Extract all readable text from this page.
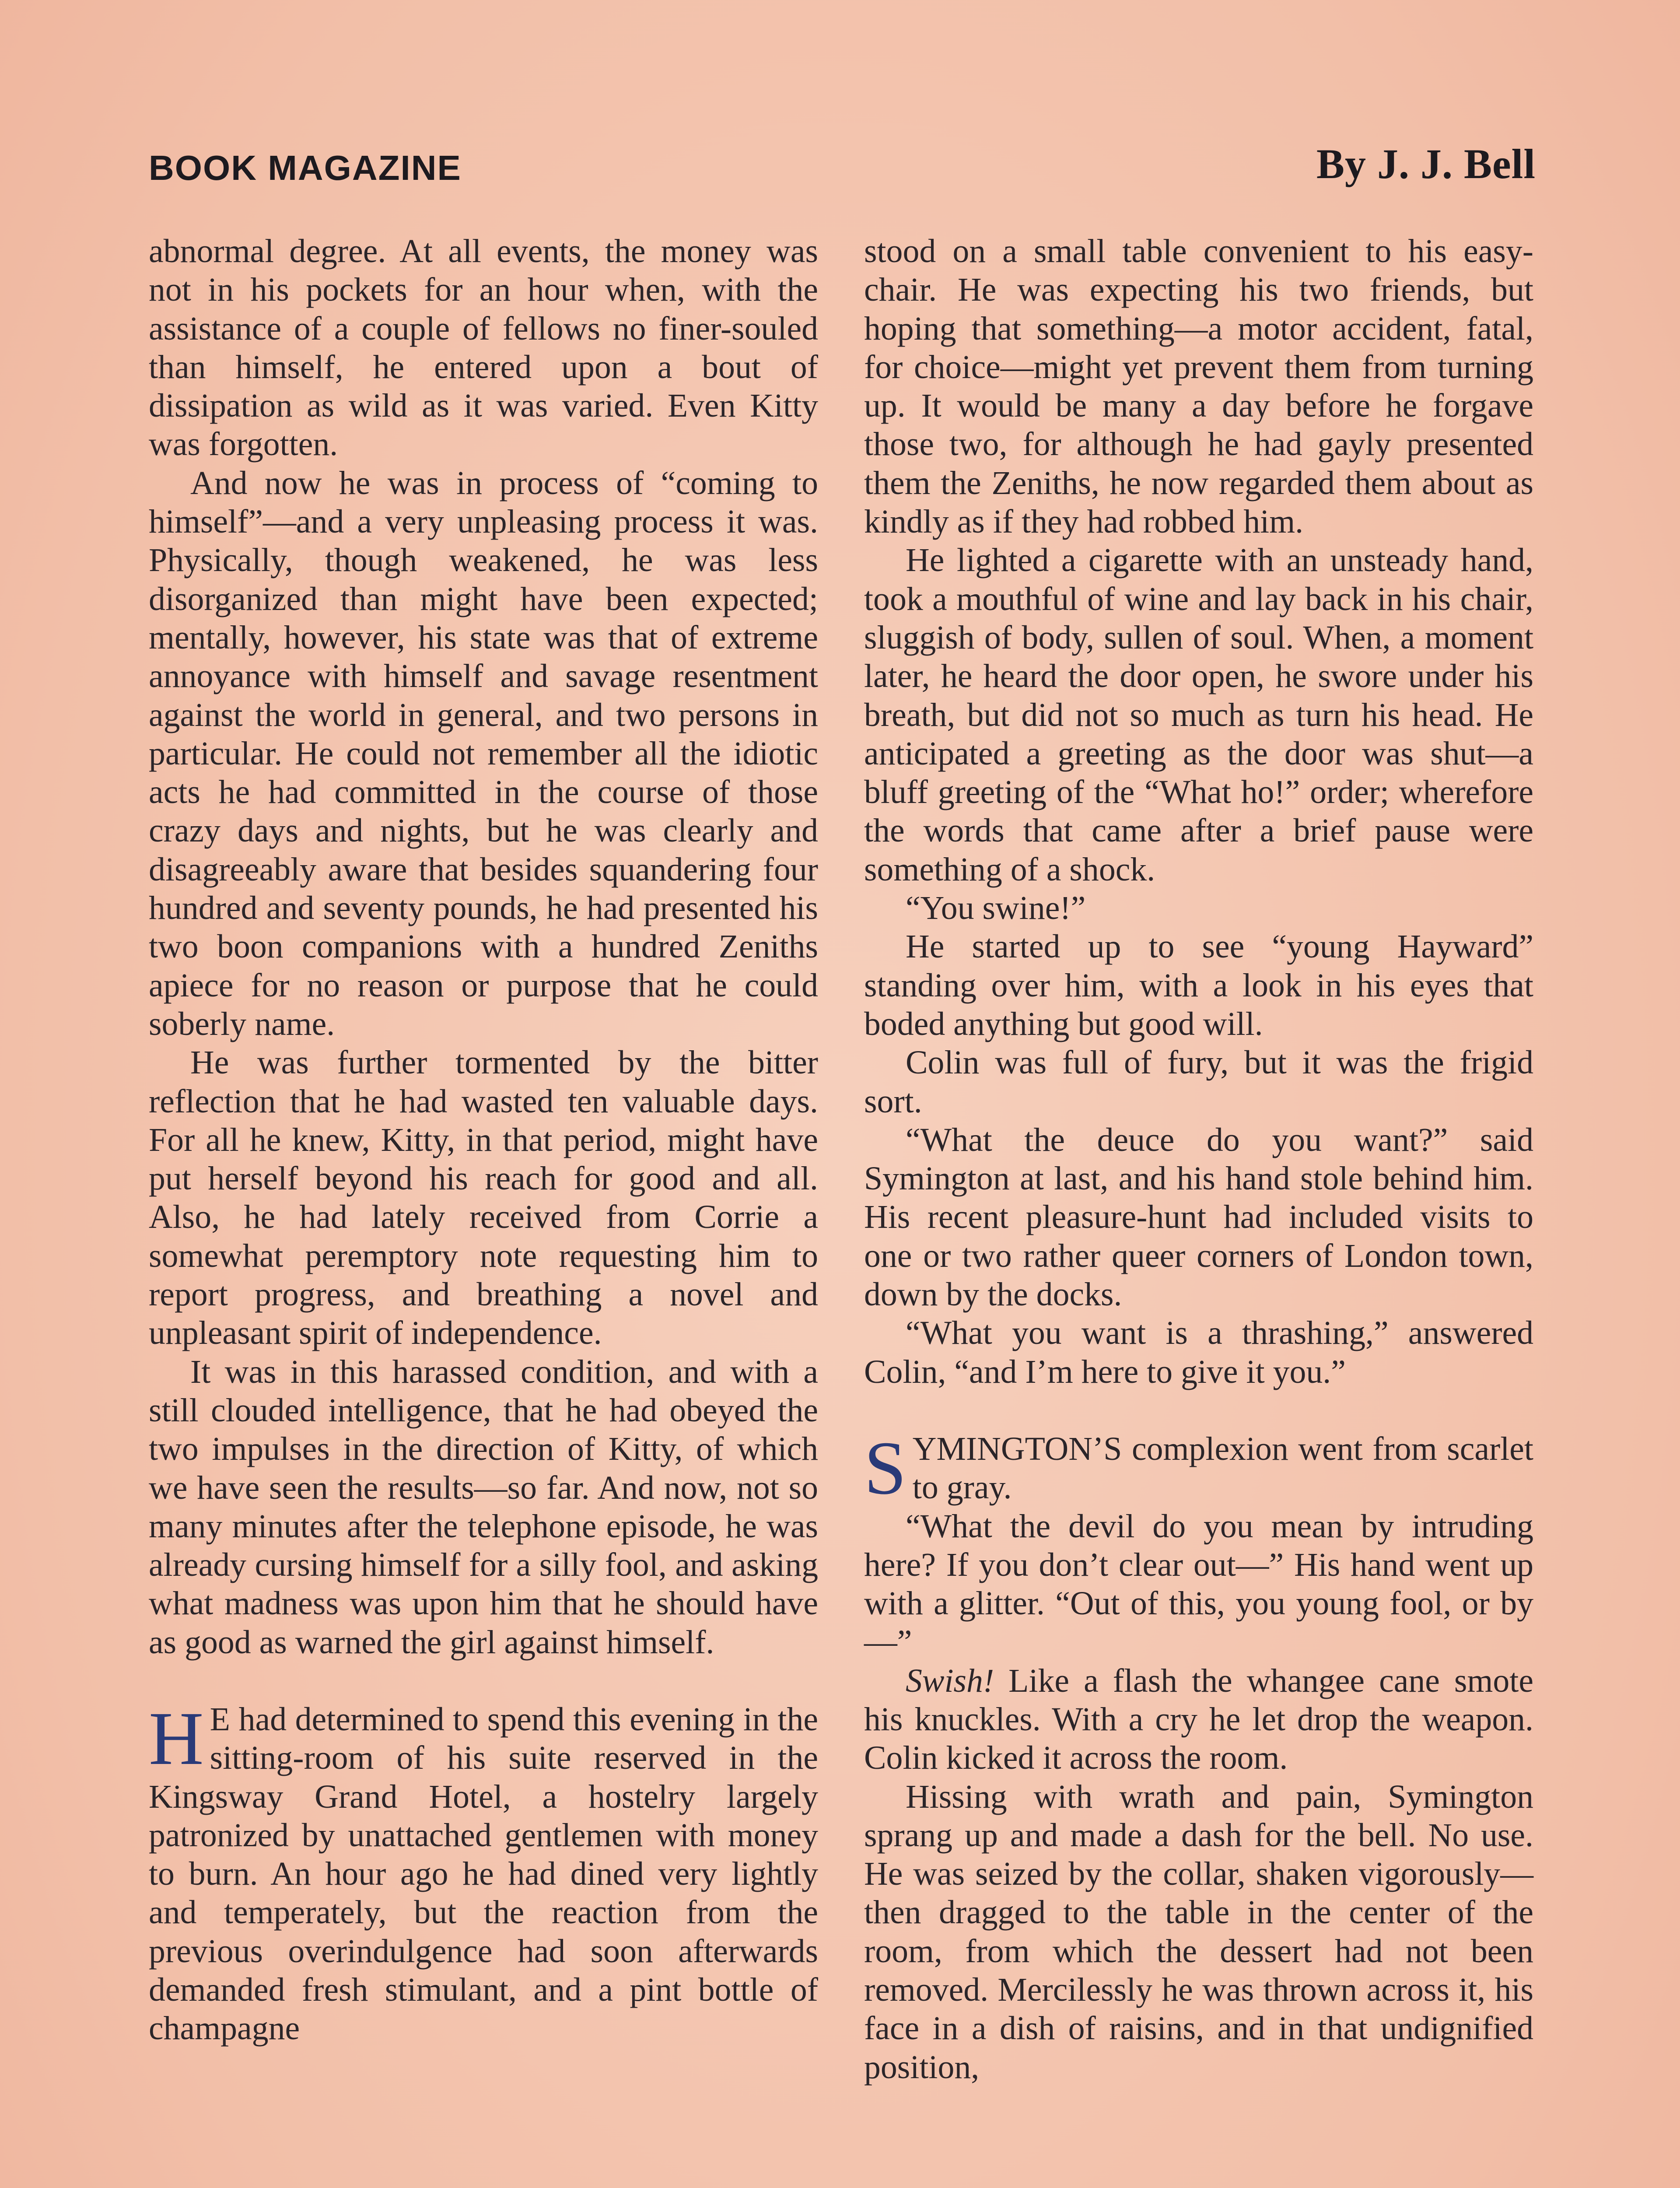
BOOK MAGAZINE	By J. J. Bell

abnormal degree. At all events, the money was not in his pockets for an hour when, with the assistance of a couple of fellows no finer-souled than himself, he entered upon a bout of dissipation as wild as it was varied. Even Kitty was forgotten.

And now he was in process of “coming to himself”—and a very unpleasing process it was. Physically, though weakened, he was less disorganized than might have been expected; mentally, however, his state was that of extreme annoyance with himself and savage resentment against the world in general, and two persons in particular. He could not remember all the idiotic acts he had committed in the course of those crazy days and nights, but he was clearly and disagreeably aware that besides squandering four hundred and seventy pounds, he had presented his two boon companions with a hundred Zeniths apiece for no reason or purpose that he could soberly name.

He was further tormented by the bitter reflection that he had wasted ten valuable days. For all he knew, Kitty, in that period, might have put herself beyond his reach for good and all. Also, he had lately received from Corrie a somewhat peremptory note requesting him to report progress, and breathing a novel and unpleasant spirit of independence.

It was in this harassed condition, and with a still clouded intelligence, that he had obeyed the two impulses in the direction of Kitty, of which we have seen the results—so far. And now, not so many minutes after the telephone episode, he was already cursing himself for a silly fool, and asking what madness was upon him that he should have as good as warned the girl against himself.

H E had determined to spend this evening in the sitting-room of his suite reserved in the Kingsway Grand Hotel, a hostelry largely patronized by unattached gentlemen with money to burn. An hour ago he had dined very lightly and temperately, but the reaction from the previous overindulgence had soon afterwards demanded fresh stimulant, and a pint bottle of champagne

stood on a small table convenient to his easy-chair. He was expecting his two friends, but hoping that something—a motor accident, fatal, for choice—might yet prevent them from turning up. It would be many a day before he forgave those two, for although he had gayly presented them the Zeniths, he now regarded them about as kindly as if they had robbed him.

He lighted a cigarette with an unsteady hand, took a mouthful of wine and lay back in his chair, sluggish of body, sullen of soul. When, a moment later, he heard the door open, he swore under his breath, but did not so much as turn his head. He anticipated a greeting as the door was shut—a bluff greeting of the “What ho!” order; wherefore the words that came after a brief pause were something of a shock.

“You swine!”

He started up to see “young Hayward” standing over him, with a look in his eyes that boded anything but good will.

Colin was full of fury, but it was the frigid sort.

“What the deuce do you want?” said Symington at last, and his hand stole behind him. His recent pleasure-hunt had included visits to one or two rather queer corners of London town, down by the docks.

“What you want is a thrashing,” answered Colin, “and I’m here to give it you.”

SYMINGTON’S complexion went from scarlet to gray.

“What the devil do you mean by intruding here? If you don’t clear out—” His hand went up with a glitter. “Out of this, you young fool, or by—”

Swish! Like a flash the whangee cane smote his knuckles. With a cry he let drop the weapon. Colin kicked it across the room.

Hissing with wrath and pain, Symington sprang up and made a dash for the bell. No use. He was seized by the collar, shaken vigorously—then dragged to the table in the center of the room, from which the dessert had not been removed. Mercilessly he was thrown across it, his face in a dish of raisins, and in that undignified position,
